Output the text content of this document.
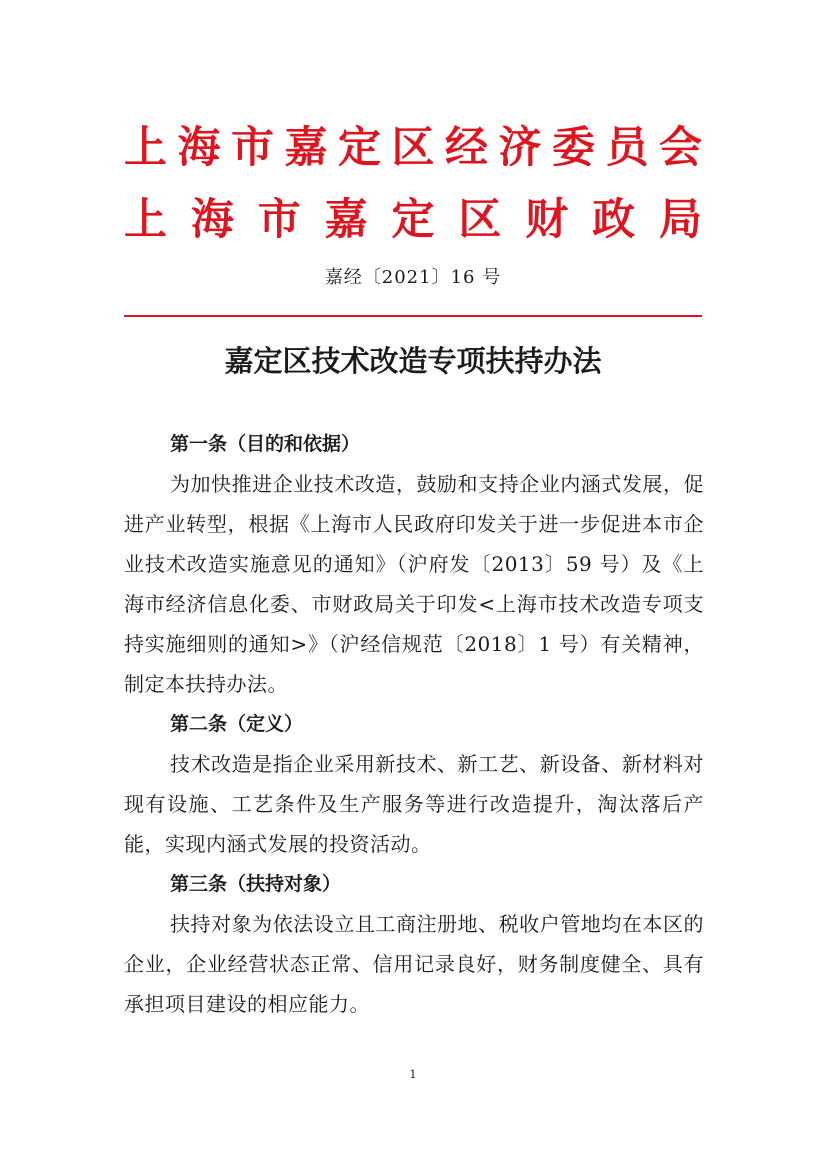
上 海 市 嘉 定 区 经 济 委 员 会
上 海 市 嘉 定 区 财 政 局
嘉经〔2021〕16 号
嘉定区技术改造专项扶持办法
第一条（目的和依据）

为加快推进企业技术改造，鼓励和支持企业内涵式发展，促进产业转型，根据《上海市人民政府印发关于进一步促进本市企业技术改造实施意见的通知》（沪府发〔2013〕59 号）及《上海市经济信息化委、市财政局关于印发<上海市技术改造专项支持实施细则的通知>》（沪经信规范〔2018〕1 号）有关精神，制定本扶持办法。

第二条（定义）

技术改造是指企业采用新技术、新工艺、新设备、新材料对现有设施、工艺条件及生产服务等进行改造提升，淘汰落后产能，实现内涵式发展的投资活动。

第三条（扶持对象）

扶持对象为依法设立且工商注册地、税收户管地均在本区的企业，企业经营状态正常、信用记录良好，财务制度健全、具有承担项目建设的相应能力。

1
